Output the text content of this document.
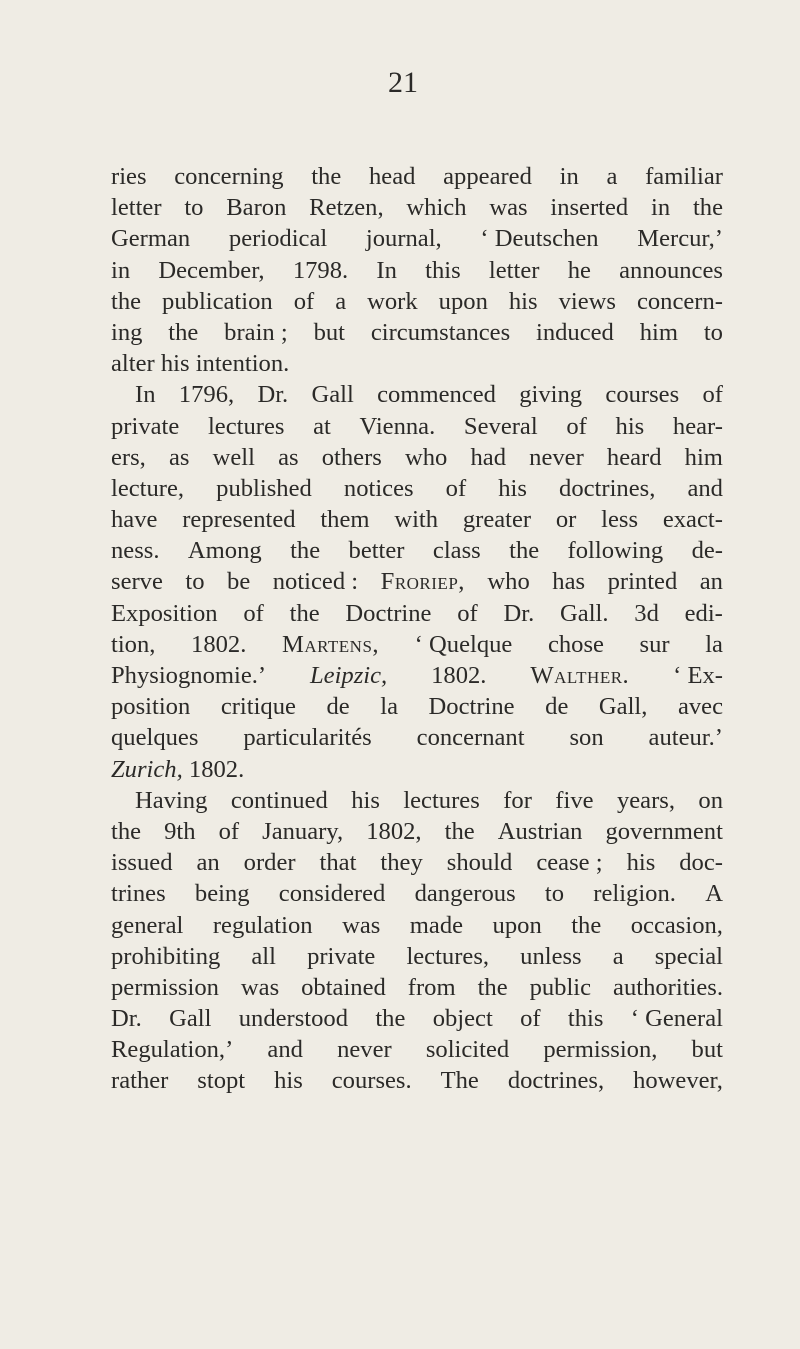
21
ries concerning the head appeared in a familiar
letter to Baron Retzen, which was inserted in the
German periodical journal, ‘ Deutschen Mercur,’
in December, 1798. In this letter he announces
the publication of a work upon his views concern-
ing the brain ; but circumstances induced him to
alter
his
intention.
In 1796, Dr. Gall commenced giving courses of
private lectures at Vienna. Several of his hear-
ers, as well as others who had never heard him
lecture, published notices of his doctrines, and
have represented them with greater or less exact-
ness. Among the better class the following de-
serve to be noticed : Froriep, who has printed an
Exposition of the Doctrine of Dr. Gall. 3d edi-
tion, 1802. Martens, ‘ Quelque chose sur la
Physiognomie.’ Leipzic, 1802. Walther. ‘ Ex-
position critique de la Doctrine de Gall, avec
quelques particularités concernant son auteur.’
Zurich,
1802.
Having continued his lectures for five years, on
the 9th of January, 1802, the Austrian government
issued an order that they should cease ; his doc-
trines being considered dangerous to religion. A
general regulation was made upon the occasion,
prohibiting all private lectures, unless a special
permission was obtained from the public authorities.
Dr. Gall understood the object of this ‘ General
Regulation,’ and never solicited permission, but
rather stopt his courses. The doctrines, however,
